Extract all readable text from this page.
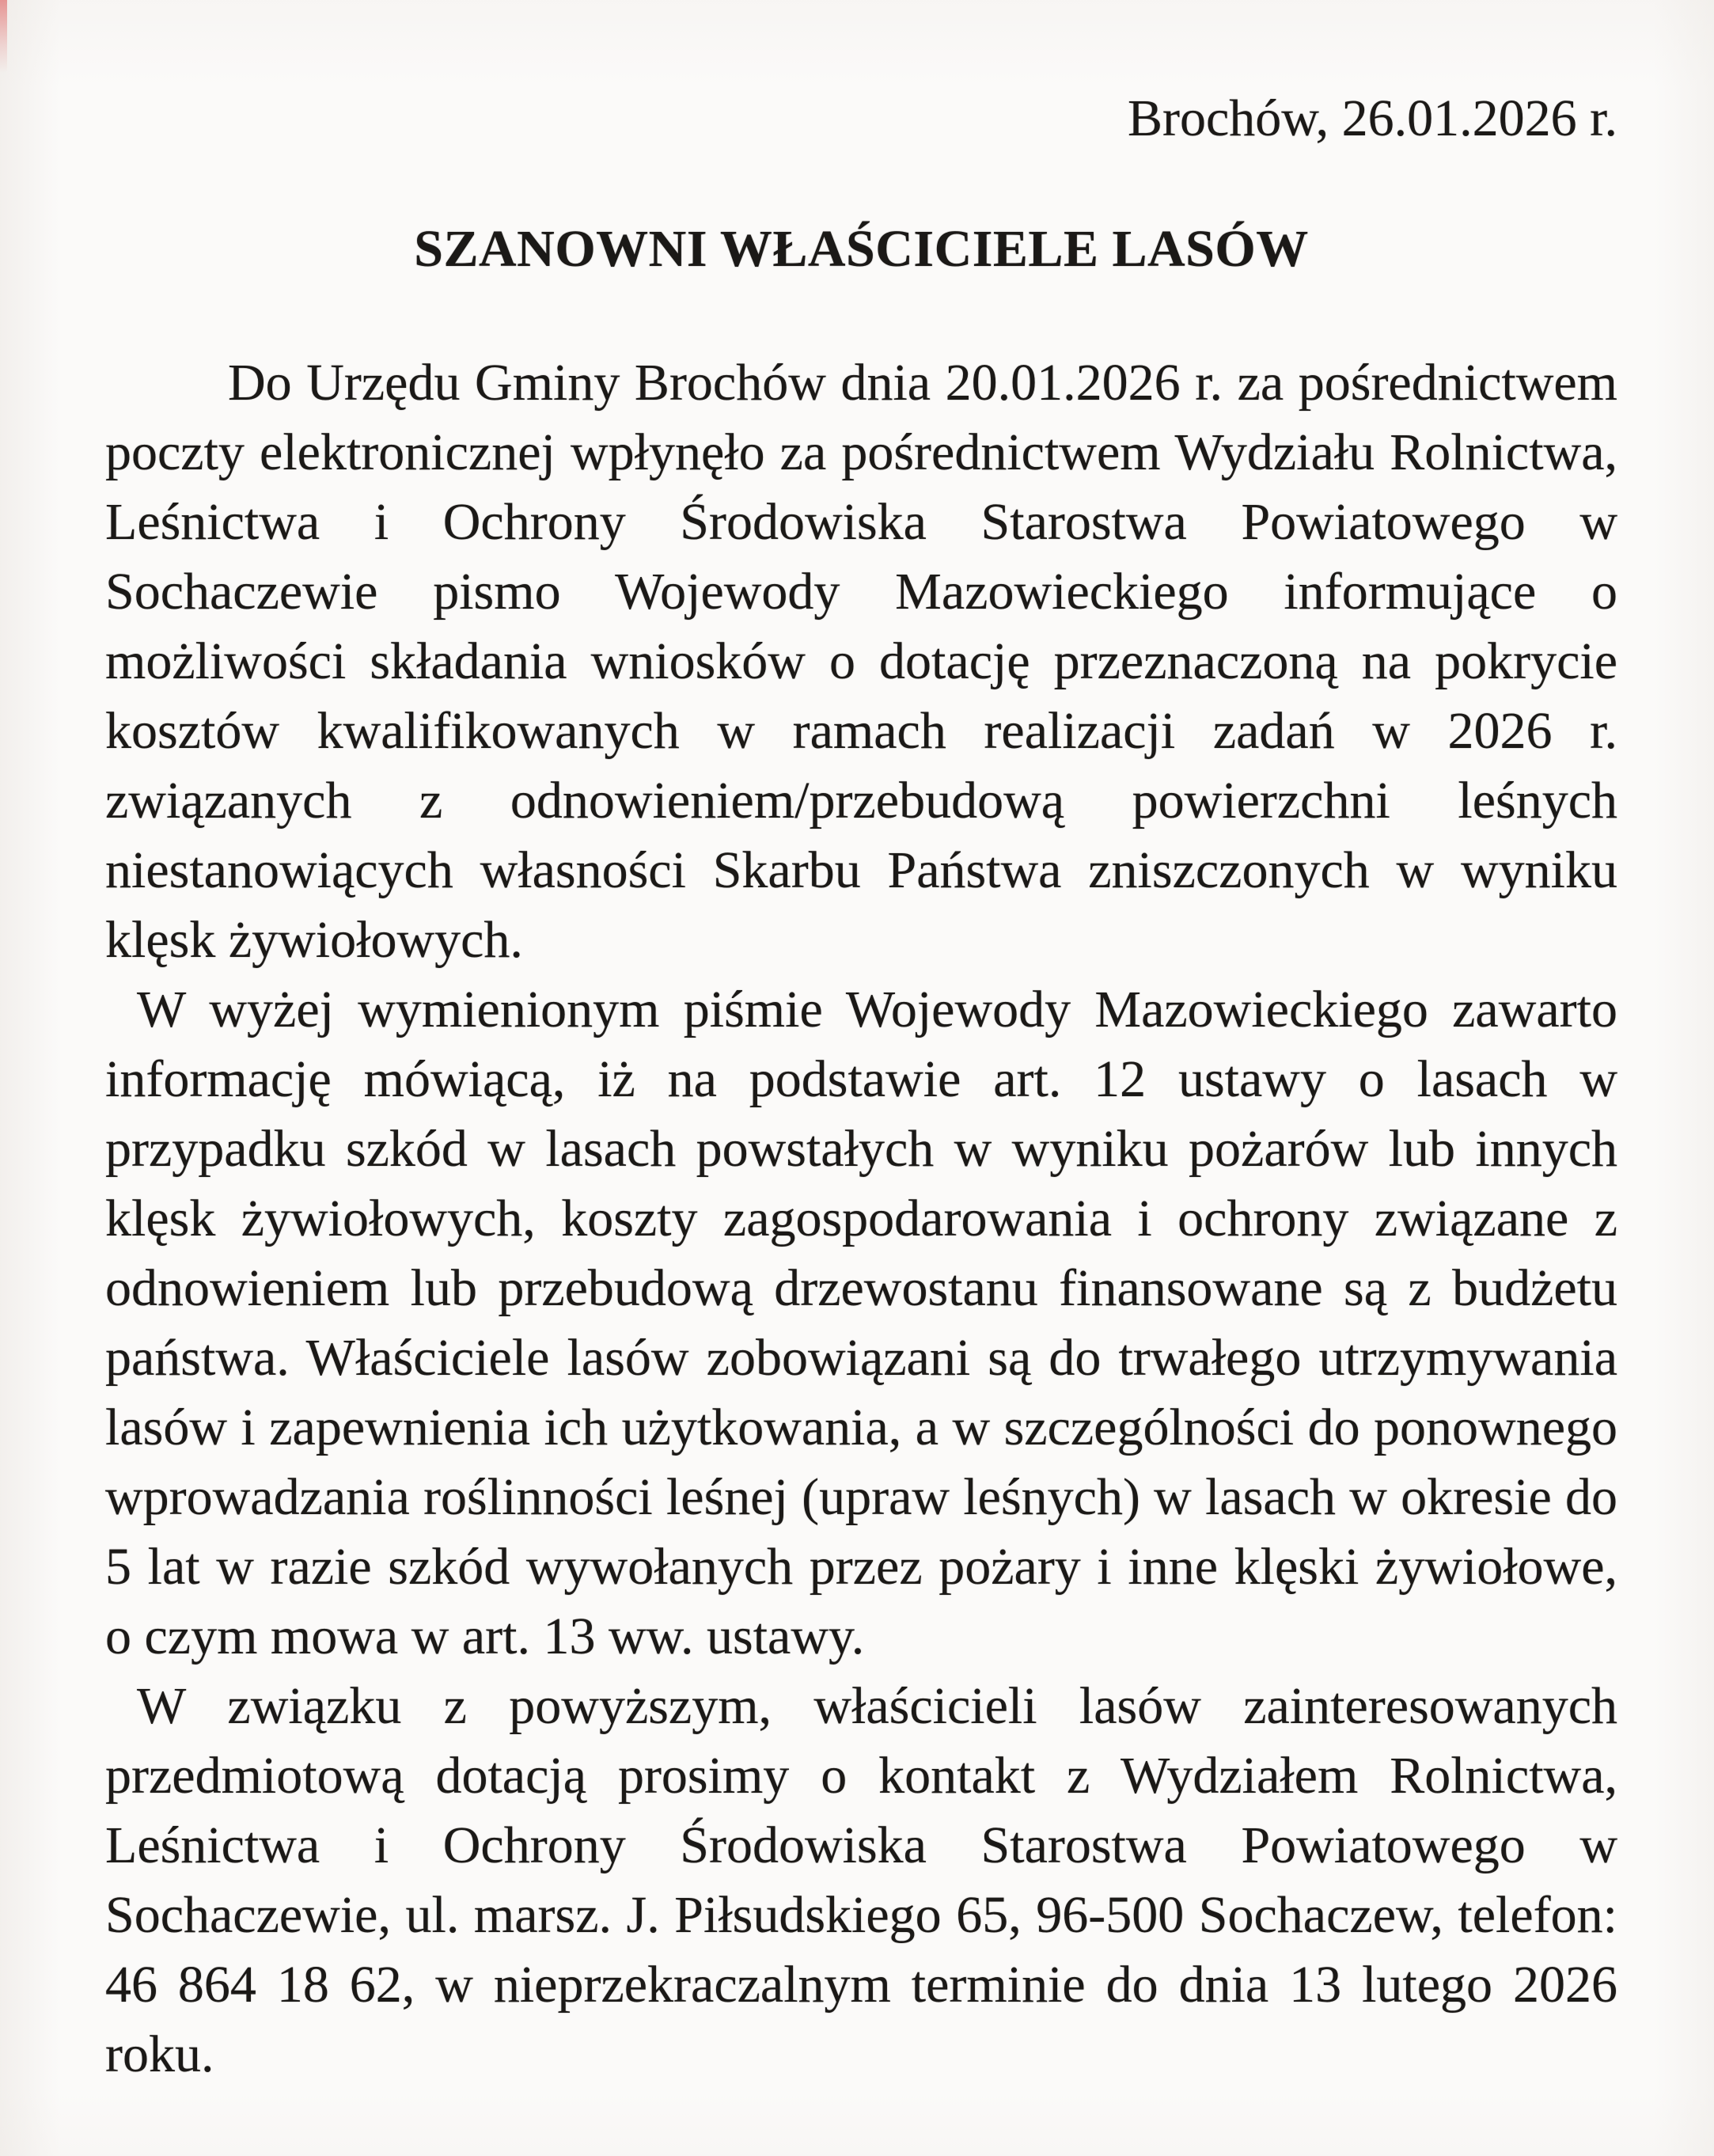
Brochów, 26.01.2026 r.
SZANOWNI WŁAŚCICIELE LASÓW

Do Urzędu Gminy Brochów dnia 20.01.2026 r. za pośrednictwem poczty elektronicznej wpłynęło za pośrednictwem Wydziału Rolnictwa, Leśnictwa i Ochrony Środowiska Starostwa Powiatowego w Sochaczewie pismo Wojewody Mazowieckiego informujące o możliwości składania wniosków o dotację przeznaczoną na pokrycie kosztów kwalifikowanych w ramach realizacji zadań w 2026 r. związanych z odnowieniem/przebudową powierzchni leśnych niestanowiących własności Skarbu Państwa zniszczonych w wyniku klęsk żywiołowych.

W wyżej wymienionym piśmie Wojewody Mazowieckiego zawarto informację mówiącą, iż na podstawie art. 12 ustawy o lasach w przypadku szkód w lasach powstałych w wyniku pożarów lub innych klęsk żywiołowych, koszty zagospodarowania i ochrony związane z odnowieniem lub przebudową drzewostanu finansowane są z budżetu państwa. Właściciele lasów zobowiązani są do trwałego utrzymywania lasów i zapewnienia ich użytkowania, a w szczególności do ponownego wprowadzania roślinności leśnej (upraw leśnych) w lasach w okresie do 5 lat w razie szkód wywołanych przez pożary i inne klęski żywiołowe, o czym mowa w art. 13 ww. ustawy.

W związku z powyższym, właścicieli lasów zainteresowanych przedmiotową dotacją prosimy o kontakt z Wydziałem Rolnictwa, Leśnictwa i Ochrony Środowiska Starostwa Powiatowego w Sochaczewie, ul. marsz. J. Piłsudskiego 65, 96-500 Sochaczew, telefon: 46 864 18 62, w nieprzekraczalnym terminie do dnia 13 lutego 2026 roku.
